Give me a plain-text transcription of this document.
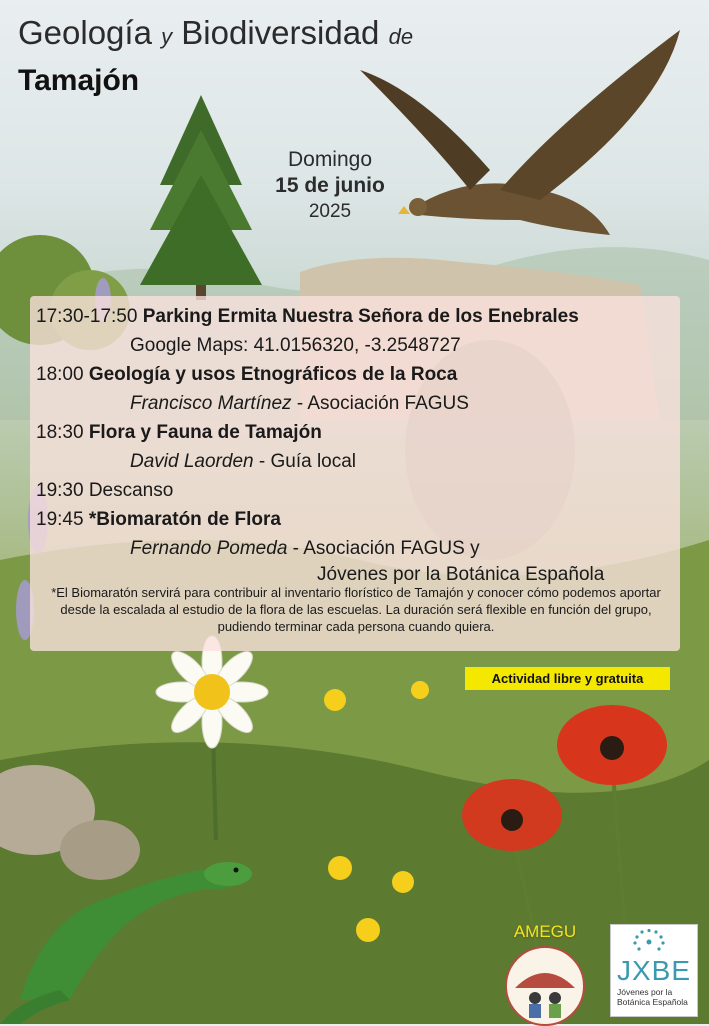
Geología y Biodiversidad de
Tamajón
Domingo
15 de junio
2025
17:30-17:50 Parking Ermita Nuestra Señora de los Enebrales
Google Maps: 41.0156320, -3.2548727
18:00 Geología y usos Etnográficos de la Roca
Francisco Martínez - Asociación FAGUS
18:30 Flora y Fauna de Tamajón
David Laorden - Guía local
19:30 Descanso
19:45 *Biomaratón de Flora
Fernando Pomeda - Asociación FAGUS y
Jóvenes por la Botánica Española
*El Biomaratón servirá para contribuir al inventario florístico de Tamajón y conocer cómo podemos aportar desde la escalada al estudio de la flora de las escuelas. La duración será flexible en función del grupo, pudiendo terminar cada persona cuando quiera.
Actividad libre y gratuita
AMEGU
JXBE
Jóvenes por la
Botánica Española
